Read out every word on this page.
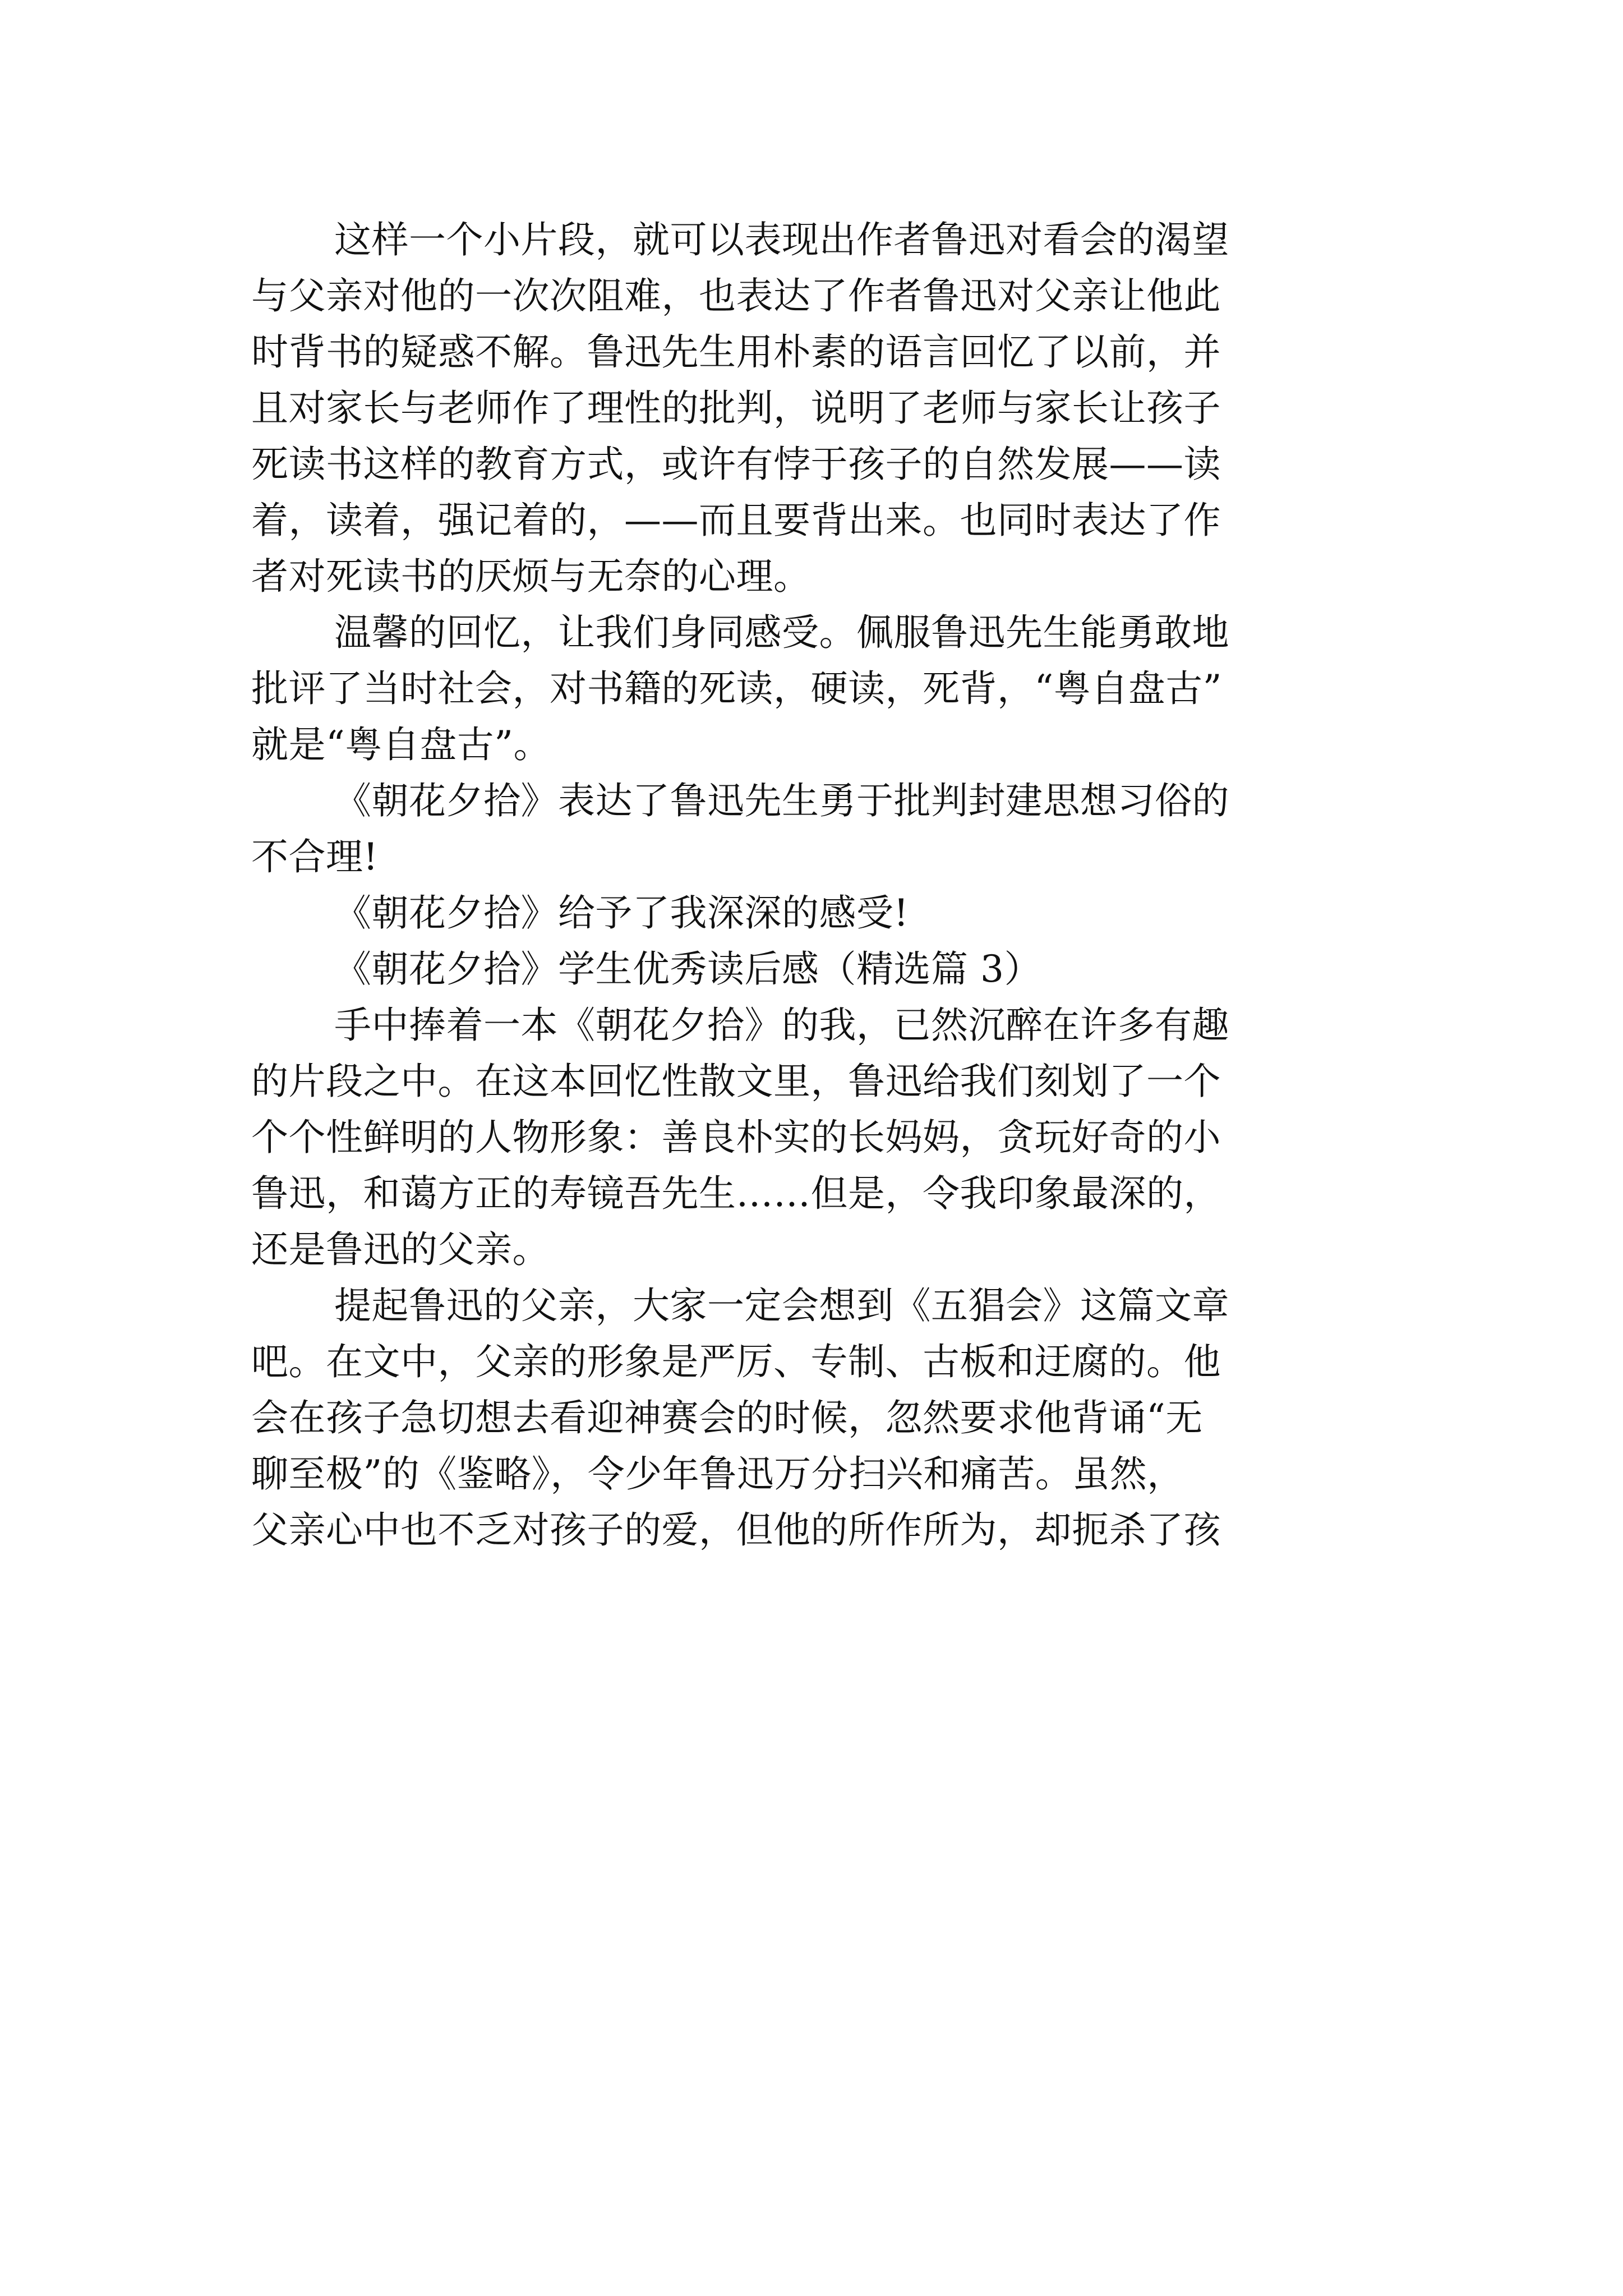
这样一个小片段，就可以表现出作者鲁迅对看会的渴望
与父亲对他的一次次阻难，也表达了作者鲁迅对父亲让他此
时背书的疑惑不解。鲁迅先生用朴素的语言回忆了以前，并
且对家长与老师作了理性的批判，说明了老师与家长让孩子
死读书这样的教育方式，或许有悖于孩子的自然发展——读
着，读着，强记着的，——而且要背出来。也同时表达了作
者对死读书的厌烦与无奈的心理。
温馨的回忆，让我们身同感受。佩服鲁迅先生能勇敢地
批评了当时社会，对书籍的死读，硬读，死背，“粤自盘古”
就是“粤自盘古”。
《朝花夕拾》表达了鲁迅先生勇于批判封建思想习俗的
不合理!
《朝花夕拾》给予了我深深的感受!
《朝花夕拾》学生优秀读后感（精选篇 3）
手中捧着一本《朝花夕拾》的我，已然沉醉在许多有趣
的片段之中。在这本回忆性散文里，鲁迅给我们刻划了一个
个个性鲜明的人物形象：善良朴实的长妈妈，贪玩好奇的小
鲁迅，和蔼方正的寿镜吾先生……但是，令我印象最深的，
还是鲁迅的父亲。
提起鲁迅的父亲，大家一定会想到《五猖会》这篇文章
吧。在文中，父亲的形象是严厉、专制、古板和迂腐的。他
会在孩子急切想去看迎神赛会的时候，忽然要求他背诵“无
聊至极”的《鉴略》，令少年鲁迅万分扫兴和痛苦。虽然，
父亲心中也不乏对孩子的爱，但他的所作所为，却扼杀了孩
